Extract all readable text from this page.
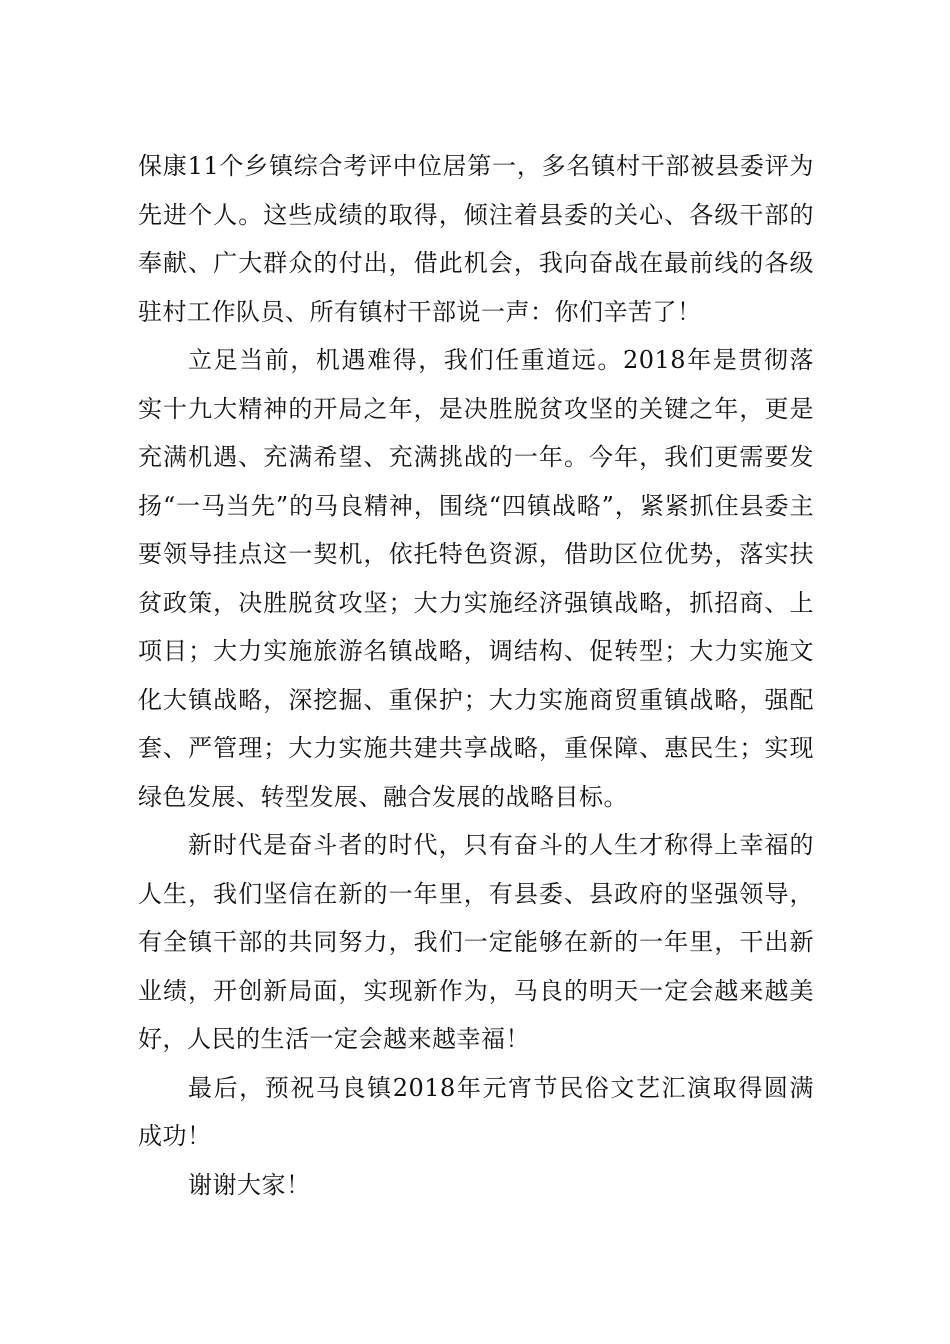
保康11个乡镇综合考评中位居第一，多名镇村干部被县委评为先进个人。这些成绩的取得，倾注着县委的关心、各级干部的奉献、广大群众的付出，借此机会，我向奋战在最前线的各级驻村工作队员、所有镇村干部说一声：你们辛苦了！

立足当前，机遇难得，我们任重道远。2018年是贯彻落实十九大精神的开局之年，是决胜脱贫攻坚的关键之年，更是充满机遇、充满希望、充满挑战的一年。今年，我们更需要发扬“一马当先”的马良精神，围绕“四镇战略”，紧紧抓住县委主要领导挂点这一契机，依托特色资源，借助区位优势，落实扶贫政策，决胜脱贫攻坚；大力实施经济强镇战略，抓招商、上项目；大力实施旅游名镇战略，调结构、促转型；大力实施文化大镇战略，深挖掘、重保护；大力实施商贸重镇战略，强配套、严管理；大力实施共建共享战略，重保障、惠民生；实现绿色发展、转型发展、融合发展的战略目标。

新时代是奋斗者的时代，只有奋斗的人生才称得上幸福的人生，我们坚信在新的一年里，有县委、县政府的坚强领导，有全镇干部的共同努力，我们一定能够在新的一年里，干出新业绩，开创新局面，实现新作为，马良的明天一定会越来越美好，人民的生活一定会越来越幸福！

最后，预祝马良镇2018年元宵节民俗文艺汇演取得圆满成功！

谢谢大家！
